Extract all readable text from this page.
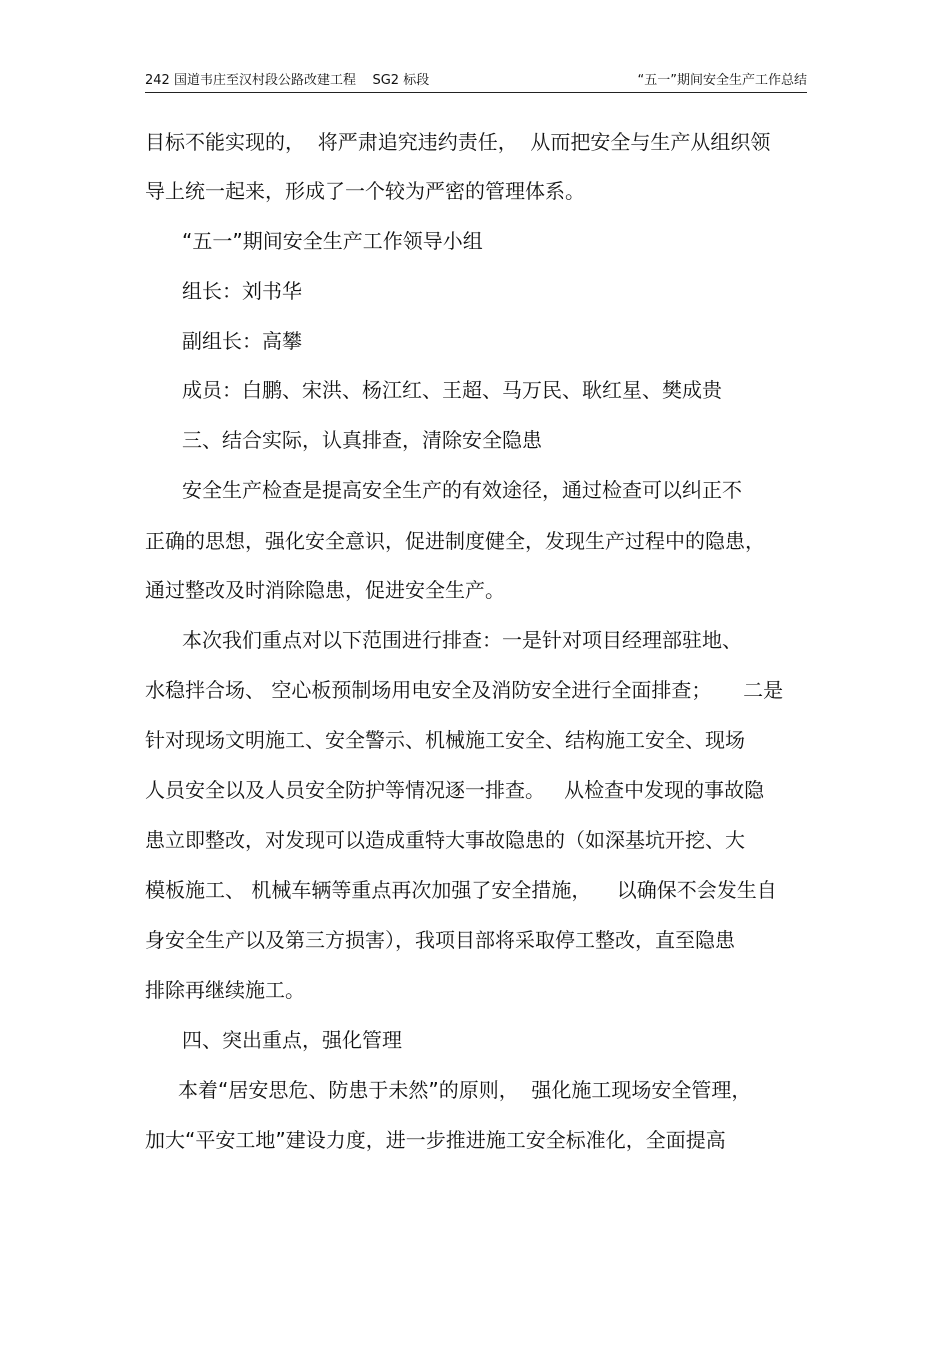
242 国道韦庄至汉村段公路改建工程    SG2 标段	“五一”期间安全生产工作总结
目标不能实现的，  将严肃追究违约责任，  从而把安全与生产从组织领
导上统一起来，形成了一个较为严密的管理体系。
“五一”期间安全生产工作领导小组
组长：刘书华
副组长：高攀
成员：白鹏、宋洪、杨江红、王超、马万民、耿红星、樊成贵
三、结合实际，认真排查，清除安全隐患
安全生产检查是提高安全生产的有效途径，通过检查可以纠正不
正确的思想，强化安全意识，促进制度健全，发现生产过程中的隐患，
通过整改及时消除隐患，促进安全生产。
本次我们重点对以下范围进行排查：一是针对项目经理部驻地、
水稳拌合场、 空心板预制场用电安全及消防安全进行全面排查；     二是
针对现场文明施工、安全警示、机械施工安全、结构施工安全、现场
人员安全以及人员安全防护等情况逐一排查。   从检查中发现的事故隐
患立即整改，对发现可以造成重特大事故隐患的（如深基坑开挖、大
模板施工、 机械车辆等重点再次加强了安全措施，    以确保不会发生自
身安全生产以及第三方损害），我项目部将采取停工整改，直至隐患
排除再继续施工。
四、突出重点，强化管理
本着“居安思危、防患于未然”的原则，  强化施工现场安全管理，
加大“平安工地”建设力度，进一步推进施工安全标准化，全面提高
